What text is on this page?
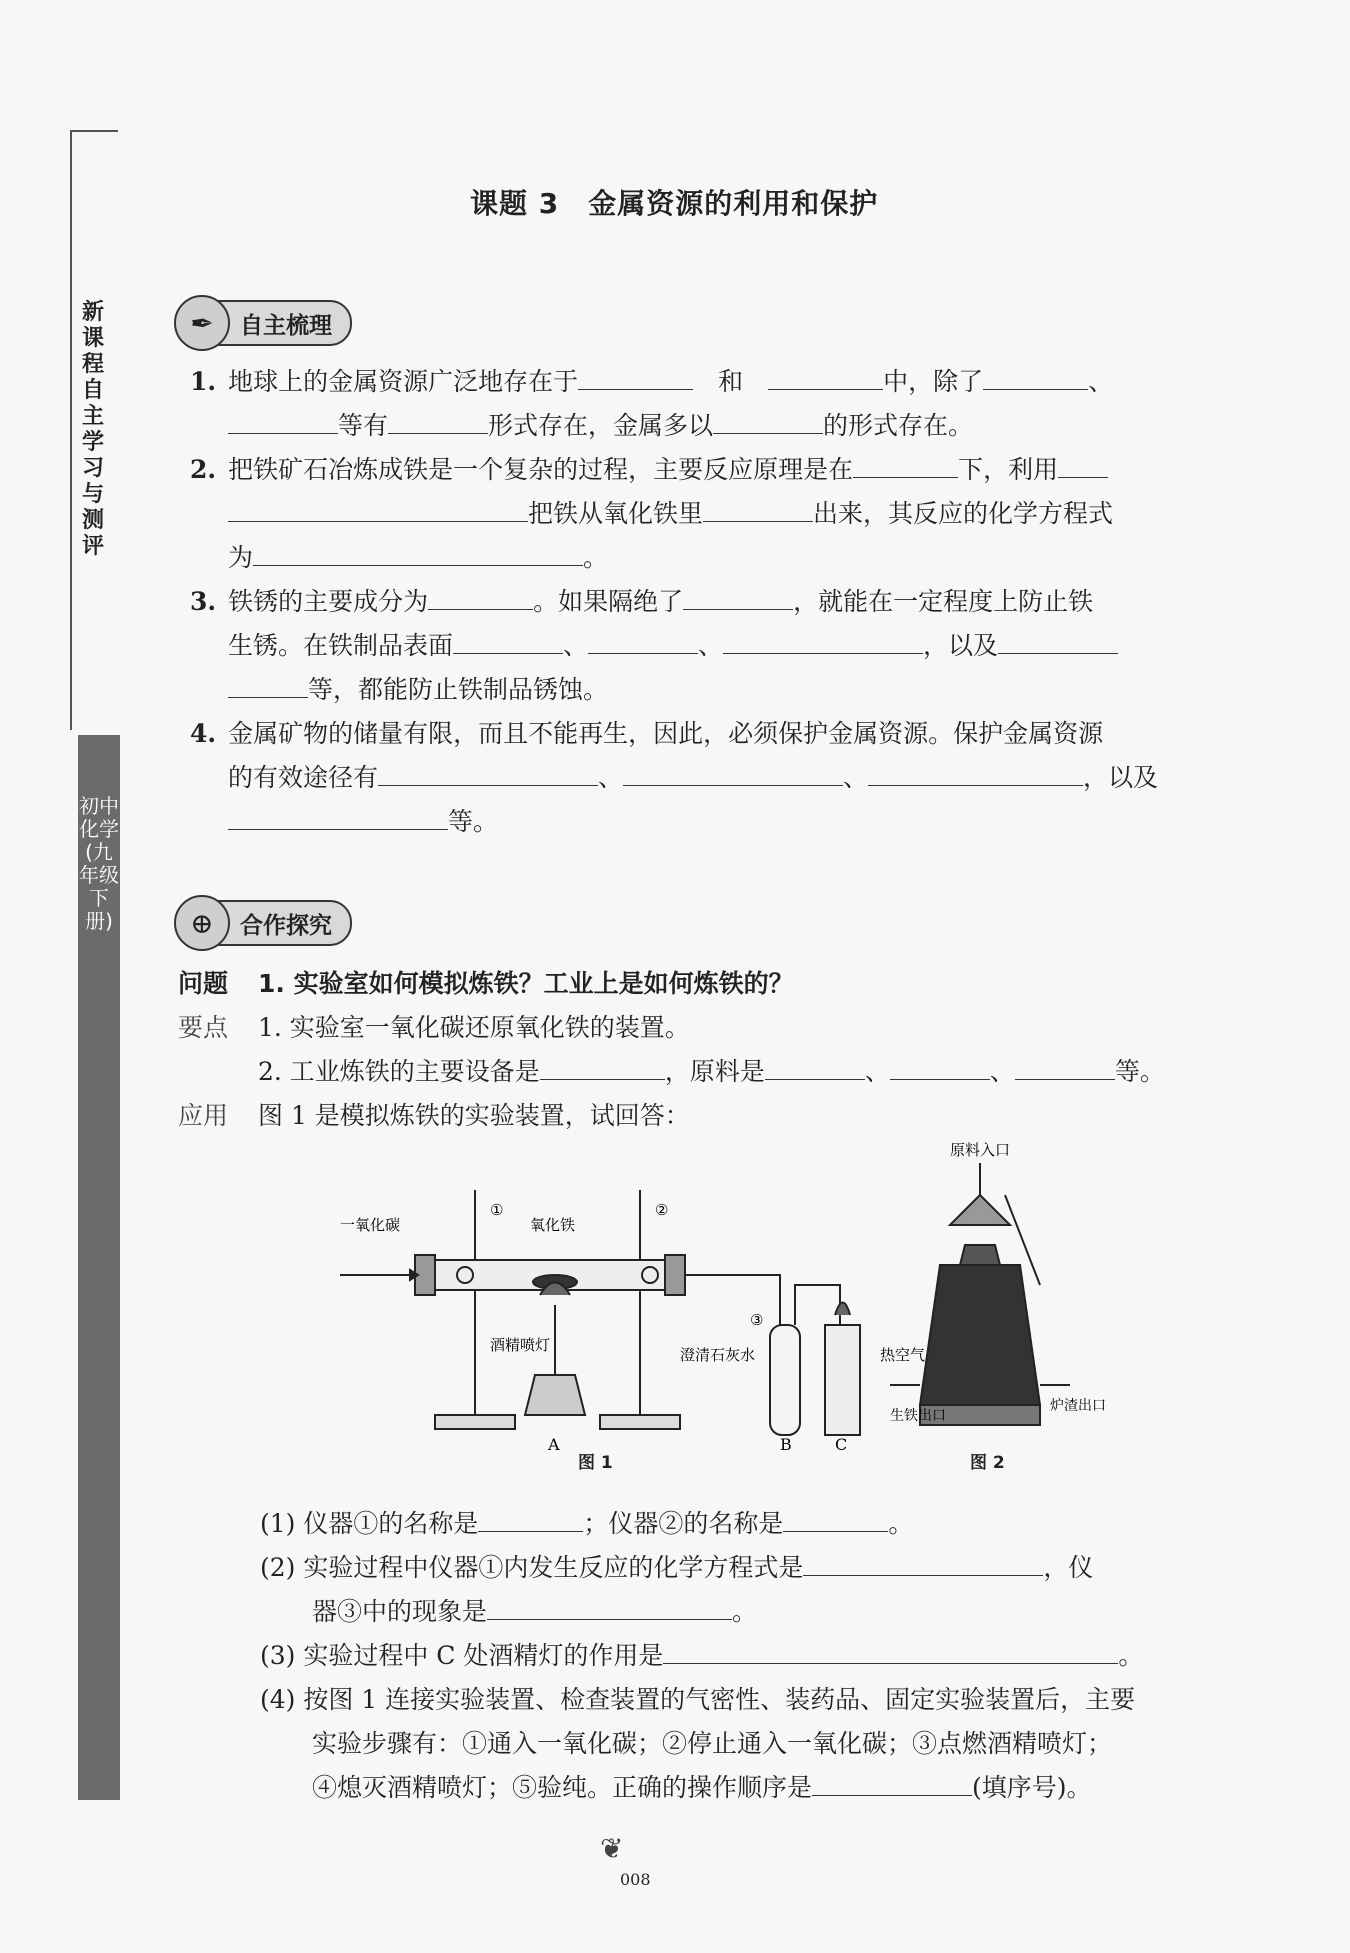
新课程自主学习与测评
初中化学(九年级下册)
课题 3　金属资源的利用和保护
✒	自主梳理
1. 地球上的金属资源广泛地存在于　	和　	中，除了	、
等有	形式存在，金属多以	的形式存在。
2. 把铁矿石冶炼成铁是一个复杂的过程，主要反应原理是在	下，利用
把铁从氧化铁里	出来，其反应的化学方程式
为	。
3. 铁锈的主要成分为	。如果隔绝了	，就能在一定程度上防止铁
生锈。在铁制品表面	、	、	，以及
等，都能防止铁制品锈蚀。
4. 金属矿物的储量有限，而且不能再生，因此，必须保护金属资源。保护金属资源
的有效途径有	、	、	，以及
等。
⊕	合作探究
问题 1. 实验室如何模拟炼铁？工业上是如何炼铁的？
要点 1. 实验室一氧化碳还原氧化铁的装置。
2. 工业炼铁的主要设备是	，原料是	、	、	等。
应用 图 1 是模拟炼铁的实验装置，试回答：
一氧化碳
①	②
氧化铁
酒精喷灯
③
澄清石灰水
A	B	C
图 1
原料入口
热空气
生铁出口
炉渣出口
图 2
(1) 仪器①的名称是	；仪器②的名称是	。
(2) 实验过程中仪器①内发生反应的化学方程式是	，仪
器③中的现象是	。
(3) 实验过程中 C 处酒精灯的作用是	。
(4) 按图 1 连接实验装置、检查装置的气密性、装药品、固定实验装置后，主要
实验步骤有：①通入一氧化碳；②停止通入一氧化碳；③点燃酒精喷灯；
④熄灭酒精喷灯；⑤验纯。正确的操作顺序是	(填序号)。
❦
008
